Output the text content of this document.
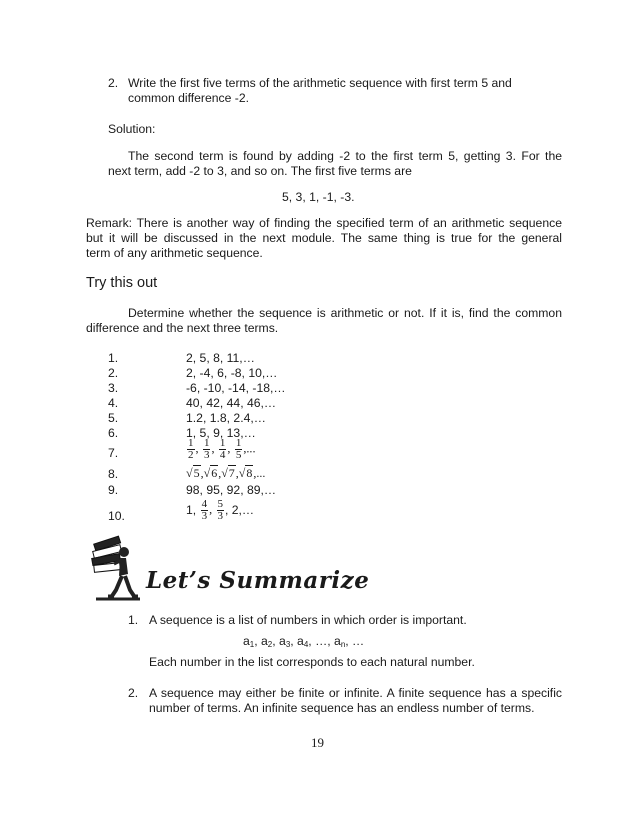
2. Write the first five terms of the arithmetic sequence with first term 5 and
common difference -2.
Solution:
The second term is found by adding -2 to the first term 5, getting 3. For the
next term, add -2 to 3, and so on. The first five terms are
5, 3, 1, -1, -3.
Remark: There is another way of finding the specified term of an arithmetic sequence
but it will be discussed in the next module. The same thing is true for the general
term of any arithmetic sequence.
Try this out
Determine whether the sequence is arithmetic or not. If it is, find the common
difference and the next three terms.
1.	2, 5, 8, 11,…
2.	2, -4, 6, -8, 10,…
3.	-6, -10, -14, -18,…
4.	40, 42, 44, 46,…
5.	1.2, 1.8, 2.4,…
6.	1, 5, 9, 13,…
7.	$\frac{1}{2}$ , $\frac{1}{3}$ , $\frac{1}{4}$ , $\frac{1}{5}$ ,...
8.	√5,√6,√7,√8,...
9.	98, 95, 92, 89,…
10.	1, $\frac{4}{3}$ , $\frac{5}{3}$ , 2,…
Let’s Summarize
1. A sequence is a list of numbers in which order is important.
$a_1$, $a_2$, $a_3$, $a_4$, …, $a_n$, …
Each number in the list corresponds to each natural number.
2. A sequence may either be finite or infinite. A finite sequence has a specific
number of terms. An infinite sequence has an endless number of terms.
19
